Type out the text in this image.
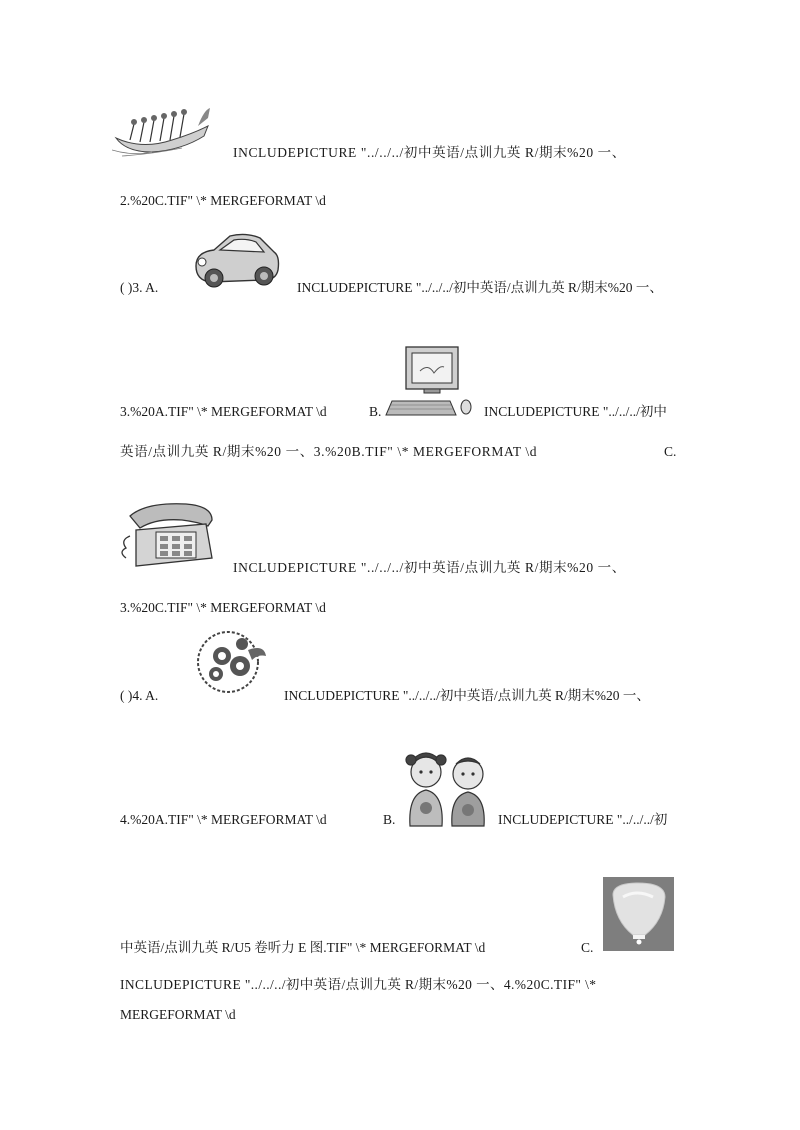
INCLUDEPICTURE "../../../初中英语/点训九英 R/期末%20 一、
2.%20C.TIF" \* MERGEFORMAT \d
( )3. A.	INCLUDEPICTURE "../../../初中英语/点训九英 R/期末%20 一、
3.%20A.TIF" \* MERGEFORMAT \d	B.	INCLUDEPICTURE "../../../初中
英语/点训九英 R/期末%20 一、3.%20B.TIF" \* MERGEFORMAT \d	C.
INCLUDEPICTURE "../../../初中英语/点训九英 R/期末%20 一、
3.%20C.TIF" \* MERGEFORMAT \d
( )4. A.	INCLUDEPICTURE "../../../初中英语/点训九英 R/期末%20 一、
4.%20A.TIF" \* MERGEFORMAT \d	B.	INCLUDEPICTURE "../../../初
中英语/点训九英 R/U5 卷听力 E 图.TIF" \* MERGEFORMAT \d	C.
INCLUDEPICTURE "../../../初中英语/点训九英 R/期末%20 一、4.%20C.TIF" \*
MERGEFORMAT \d
